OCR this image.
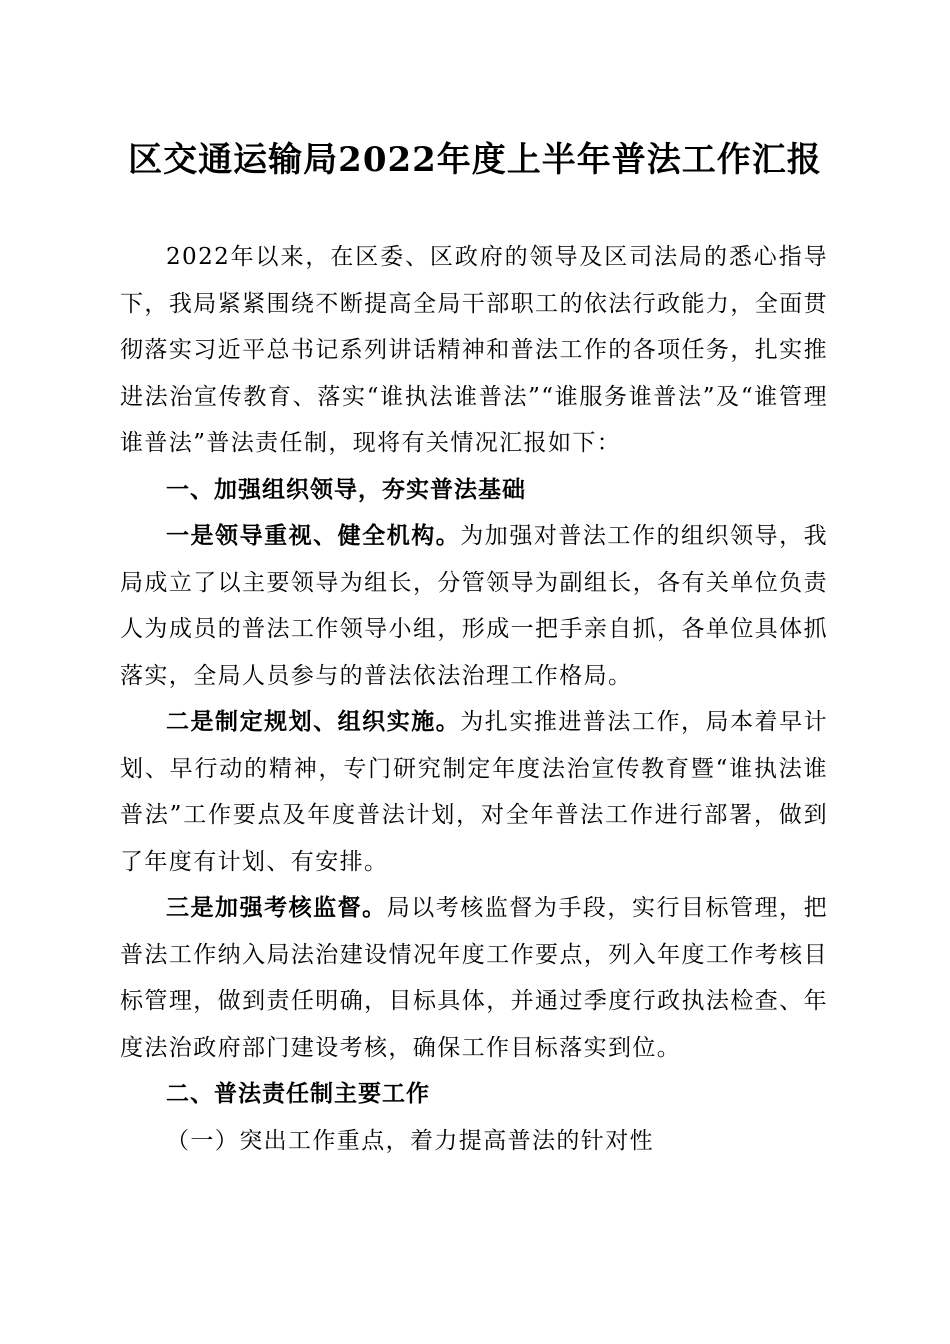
区交通运输局2022年度上半年普法工作汇报

2022年以来，在区委、区政府的领导及区司法局的悉心指导下，我局紧紧围绕不断提高全局干部职工的依法行政能力，全面贯彻落实习近平总书记系列讲话精神和普法工作的各项任务，扎实推进法治宣传教育、落实“谁执法谁普法”“谁服务谁普法”及“谁管理谁普法”普法责任制，现将有关情况汇报如下：

一、加强组织领导，夯实普法基础

一是领导重视、健全机构。为加强对普法工作的组织领导，我局成立了以主要领导为组长，分管领导为副组长，各有关单位负责人为成员的普法工作领导小组，形成一把手亲自抓，各单位具体抓落实，全局人员参与的普法依法治理工作格局。

二是制定规划、组织实施。为扎实推进普法工作，局本着早计划、早行动的精神，专门研究制定年度法治宣传教育暨“谁执法谁普法”工作要点及年度普法计划，对全年普法工作进行部署，做到了年度有计划、有安排。

三是加强考核监督。局以考核监督为手段，实行目标管理，把普法工作纳入局法治建设情况年度工作要点，列入年度工作考核目标管理，做到责任明确，目标具体，并通过季度行政执法检查、年度法治政府部门建设考核，确保工作目标落实到位。

二、普法责任制主要工作

（一）突出工作重点，着力提高普法的针对性
